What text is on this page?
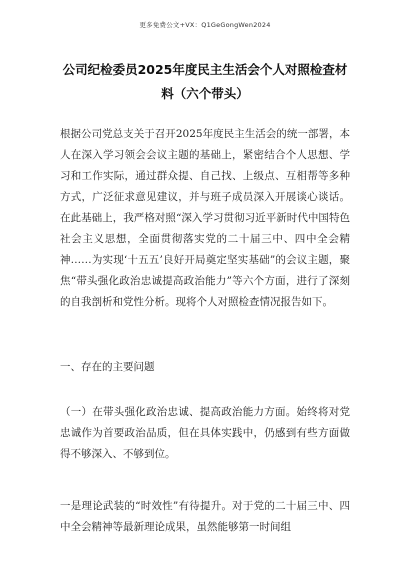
更多免费公文+VX：Q1GeGongWen2024
公司纪检委员2025年度民主生活会个人对照检查材料（六个带头）

根据公司党总支关于召开2025年度民主生活会的统一部署，本人在深入学习领会会议主题的基础上，紧密结合个人思想、学习和工作实际，通过群众提、自己找、上级点、互相帮等多种方式，广泛征求意见建议，并与班子成员深入开展谈心谈话。在此基础上，我严格对照“深入学习贯彻习近平新时代中国特色社会主义思想，全面贯彻落实党的二十届三中、四中全会精神……为实现‘十五五’良好开局奠定坚实基础”的会议主题，聚焦“带头强化政治忠诚提高政治能力”等六个方面，进行了深刻的自我剖析和党性分析。现将个人对照检查情况报告如下。

一、存在的主要问题

（一）在带头强化政治忠诚、提高政治能力方面。始终将对党忠诚作为首要政治品质，但在具体实践中，仍感到有些方面做得不够深入、不够到位。

一是理论武装的“时效性”有待提升。对于党的二十届三中、四中全会精神等最新理论成果，虽然能够第一时间组
